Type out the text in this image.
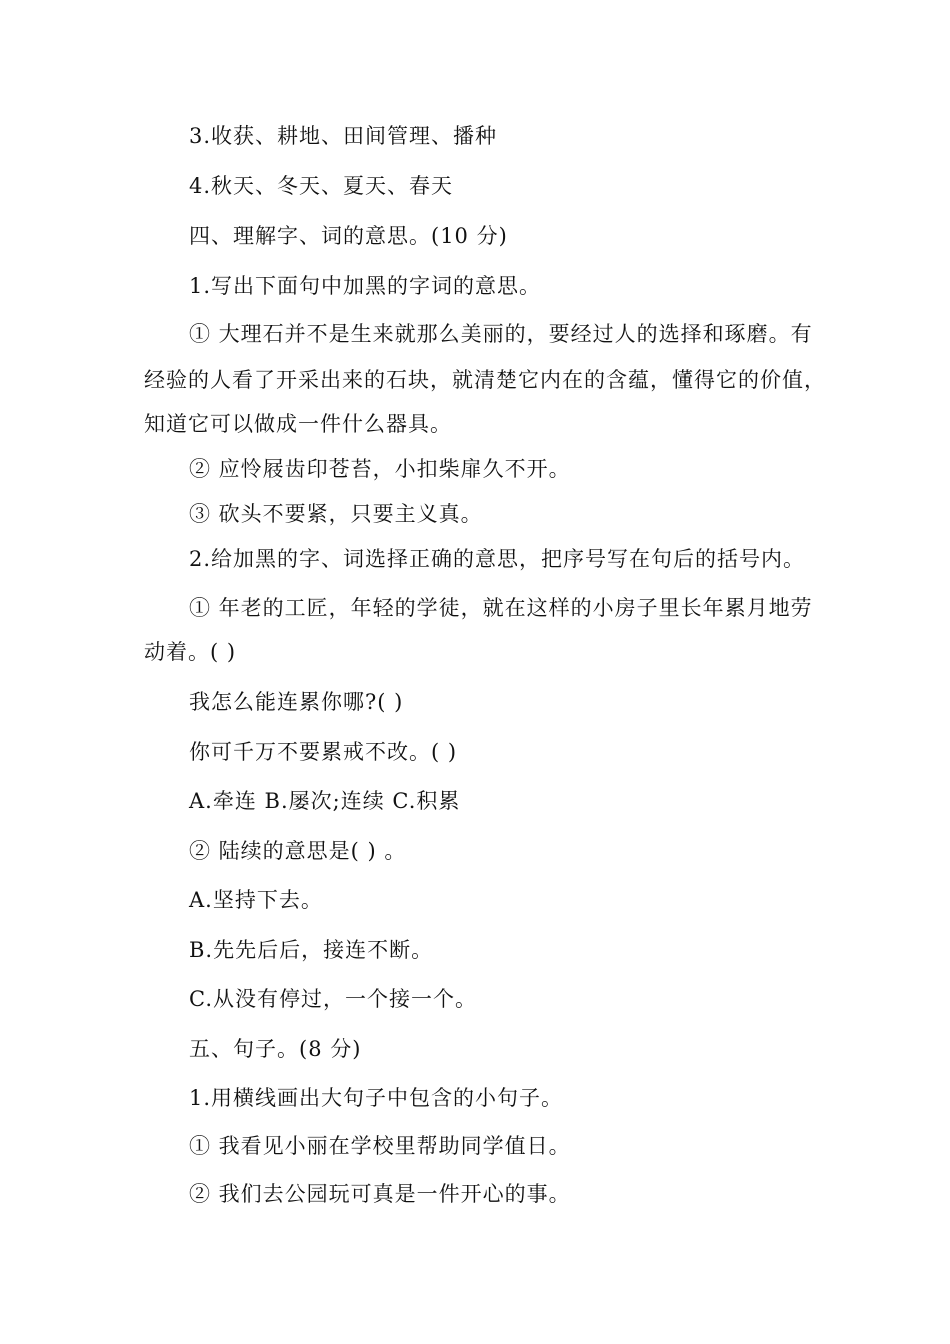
3.收获、耕地、田间管理、播种
4.秋天、冬天、夏天、春天
四、理解字、词的意思。(10 分)
1.写出下面句中加黑的字词的意思。
① 大理石并不是生来就那么美丽的，要经过人的选择和琢磨。有
经验的人看了开采出来的石块，就清楚它内在的含蕴，懂得它的价值，
知道它可以做成一件什么器具。
② 应怜屐齿印苍苔，小扣柴扉久不开。
③ 砍头不要紧，只要主义真。
2.给加黑的字、词选择正确的意思，把序号写在句后的括号内。
① 年老的工匠，年轻的学徒，就在这样的小房子里长年累月地劳
动着。( )
我怎么能连累你哪?( )
你可千万不要累戒不改。( )
A.牵连 B.屡次;连续 C.积累
② 陆续的意思是( ) 。
A.坚持下去。
B.先先后后，接连不断。
C.从没有停过，一个接一个。
五、句子。(8 分)
1.用横线画出大句子中包含的小句子。
① 我看见小丽在学校里帮助同学值日。
② 我们去公园玩可真是一件开心的事。
